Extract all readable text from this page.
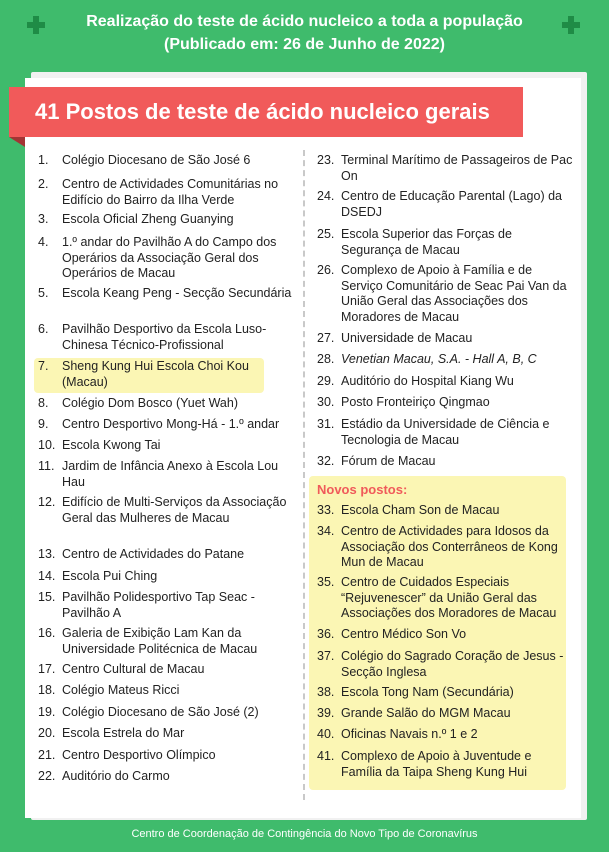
Realização do teste de ácido nucleico a toda a população
(Publicado em: 26 de Junho de 2022)
41 Postos de teste de ácido nucleico gerais
1.	Colégio Diocesano de São José 6
2.	Centro de Actividades Comunitárias no Edifício do Bairro da Ilha Verde
3.	Escola Oficial Zheng Guanying
4.	1.º andar do Pavilhão A do Campo dos Operários da Associação Geral dos Operários de Macau
5.	Escola Keang Peng - Secção Secundária
6.	Pavilhão Desportivo da Escola Luso-Chinesa Técnico-Profissional
7.	Sheng Kung Hui Escola Choi Kou (Macau)
8.	Colégio Dom Bosco (Yuet Wah)
9.	Centro Desportivo Mong-Há - 1.º andar
10. Escola Kwong Tai
11. Jardim de Infância Anexo à Escola Lou Hau
12. Edifício de Multi-Serviços da Associação Geral das Mulheres de Macau
13. Centro de Actividades do Patane
14. Escola Pui Ching
15. Pavilhão Polidesportivo Tap Seac - Pavilhão A
16. Galeria de Exibição Lam Kan da Universidade Politécnica de Macau
17. Centro Cultural de Macau
18. Colégio Mateus Ricci
19. Colégio Diocesano de São José (2)
20. Escola Estrela do Mar
21. Centro Desportivo Olímpico
22. Auditório do Carmo
23. Terminal Marítimo de Passageiros de Pac On
24. Centro de Educação Parental (Lago) da DSEDJ
25. Escola Superior das Forças de Segurança de Macau
26. Complexo de Apoio à Família e de Serviço Comunitário de Seac Pai Van da União Geral das Associações dos Moradores de Macau
27. Universidade de Macau
28. Venetian Macau, S.A. - Hall A, B, C
29. Auditório do Hospital Kiang Wu
30. Posto Fronteiriço Qingmao
31. Estádio da Universidade de Ciência e Tecnologia de Macau
32. Fórum de Macau
Novos postos:
33. Escola Cham Son de Macau
34. Centro de Actividades para Idosos da Associação dos Conterrâneos de Kong Mun de Macau
35. Centro de Cuidados Especiais “Rejuvenescer” da União Geral das Associações dos Moradores de Macau
36. Centro Médico Son Vo
37. Colégio do Sagrado Coração de Jesus - Secção Inglesa
38. Escola Tong Nam (Secundária)
39. Grande Salão do MGM Macau
40. Oficinas Navais n.º 1 e 2
41. Complexo de Apoio à Juventude e Família da Taipa Sheng Kung Hui
Centro de Coordenação de Contingência do Novo Tipo de Coronavírus
